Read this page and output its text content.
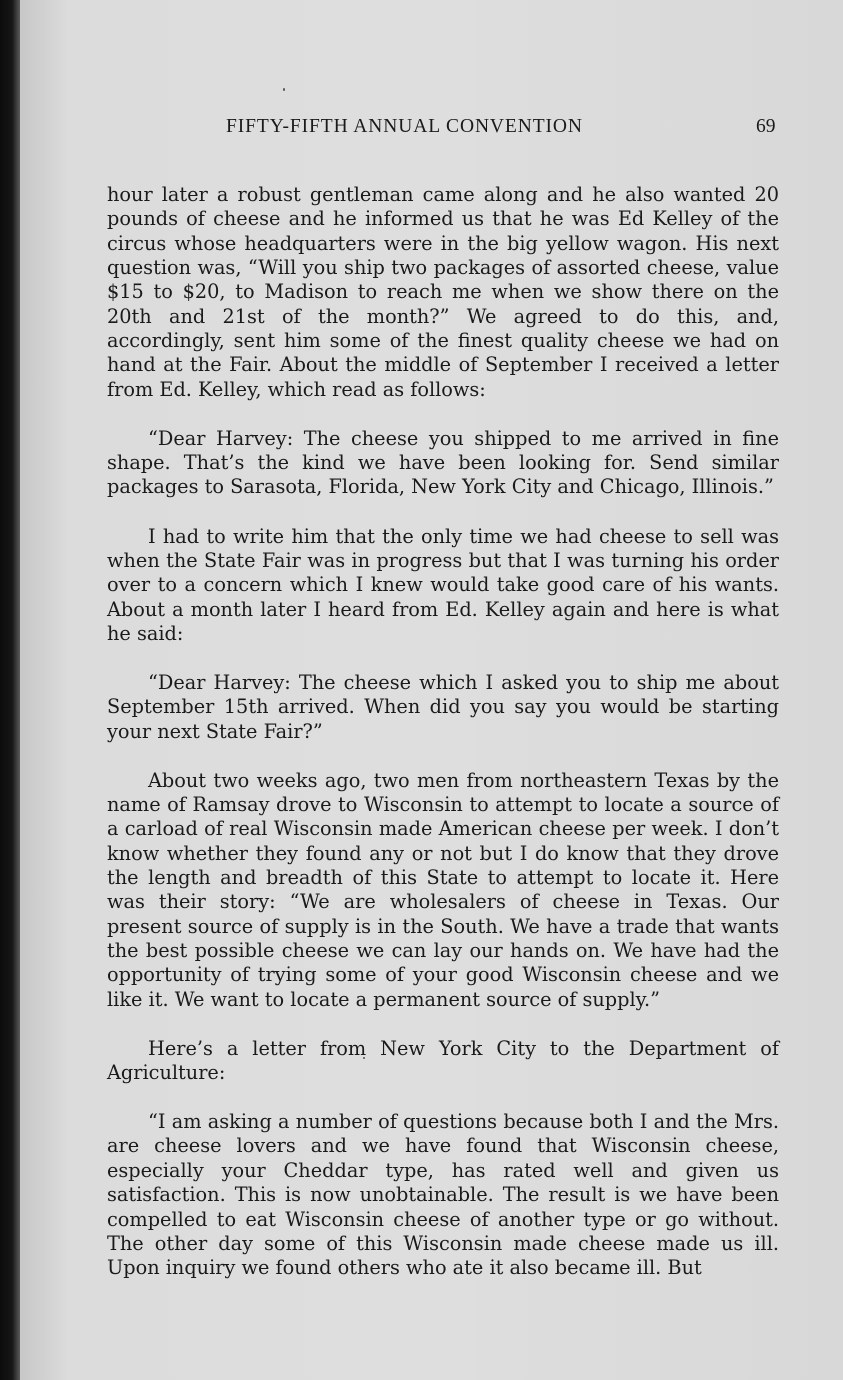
FIFTY-FIFTH ANNUAL CONVENTION	69

hour later a robust gentleman came along and he also wanted 20 pounds of cheese and he informed us that he was Ed Kelley of the circus whose headquarters were in the big yellow wagon. His next question was, “Will you ship two packages of assorted cheese, value $15 to $20, to Madison to reach me when we show there on the 20th and 21st of the month?” We agreed to do this, and, accordingly, sent him some of the finest quality cheese we had on hand at the Fair. About the middle of September I received a letter from Ed. Kelley, which read as follows:

“Dear Harvey: The cheese you shipped to me arrived in fine shape. That’s the kind we have been looking for. Send similar packages to Sarasota, Florida, New York City and Chicago, Illinois.”

I had to write him that the only time we had cheese to sell was when the State Fair was in progress but that I was turning his order over to a concern which I knew would take good care of his wants. About a month later I heard from Ed. Kelley again and here is what he said:

“Dear Harvey: The cheese which I asked you to ship me about September 15th arrived. When did you say you would be starting your next State Fair?”

About two weeks ago, two men from northeastern Texas by the name of Ramsay drove to Wisconsin to attempt to locate a source of a carload of real Wisconsin made American cheese per week. I don’t know whether they found any or not but I do know that they drove the length and breadth of this State to attempt to locate it. Here was their story: “We are wholesalers of cheese in Texas. Our present source of supply is in the South. We have a trade that wants the best possible cheese we can lay our hands on. We have had the opportunity of trying some of your good Wisconsin cheese and we like it. We want to locate a permanent source of supply.”

Here’s a letter from New York City to the Department of Agriculture:

“I am asking a number of questions because both I and the Mrs. are cheese lovers and we have found that Wisconsin cheese, especially your Cheddar type, has rated well and given us satisfaction. This is now unobtainable. The result is we have been compelled to eat Wisconsin cheese of another type or go without. The other day some of this Wisconsin made cheese made us ill. Upon inquiry we found others who ate it also became ill. But
